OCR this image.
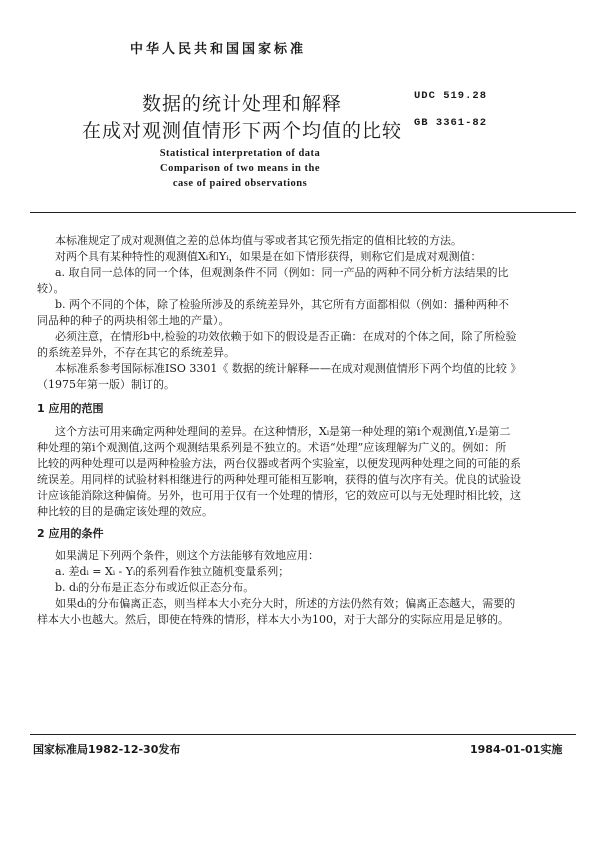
中华人民共和国国家标准
数据的统计处理和解释
在成对观测值情形下两个均值的比较
UDC 519.28
GB 3361-82
Statistical interpretation of data
Comparison of two means in the
case of paired observations
本标准规定了成对观测值之差的总体均值与零或者其它预先指定的值相比较的方法。
对两个具有某种特性的观测值Xᵢ和Yᵢ，如果是在如下情形获得，则称它们是成对观测值：
a. 取自同一总体的同一个体，但观测条件不同（例如：同一产品的两种不同分析方法结果的比
较）。
b. 两个不同的个体，除了检验所涉及的系统差异外，其它所有方面都相似（例如：播种两种不
同品种的种子的两块相邻土地的产量）。
必须注意，在情形b中,检验的功效依赖于如下的假设是否正确：在成对的个体之间，除了所检验
的系统差异外，不存在其它的系统差异。
本标准系参考国际标准ISO 3301《 数据的统计解释——在成对观测值情形下两个均值的比较 》
（1975年第一版）制订的。
1 应用的范围
这个方法可用来确定两种处理间的差异。在这种情形，Xᵢ是第一种处理的第i个观测值,Yᵢ是第二
种处理的第i个观测值,这两个观测结果系列是不独立的。术语“处理”应该理解为广义的。例如：所
比较的两种处理可以是两种检验方法，两台仪器或者两个实验室，以便发现两种处理之间的可能的系
统误差。用同样的试验材料相继进行的两种处理可能相互影响，获得的值与次序有关。优良的试验设
计应该能消除这种偏倚。另外，也可用于仅有一个处理的情形，它的效应可以与无处理时相比较，这
种比较的目的是确定该处理的效应。
2 应用的条件
如果满足下列两个条件，则这个方法能够有效地应用：
a. 差dᵢ = Xᵢ - Yᵢ的系列看作独立随机变量系列；
b. dᵢ的分布是正态分布或近似正态分布。
如果dᵢ的分布偏离正态，则当样本大小充分大时，所述的方法仍然有效；偏离正态越大，需要的
样本大小也越大。然后，即使在特殊的情形，样本大小为100，对于大部分的实际应用是足够的。
国家标准局1982-12-30发布	1984-01-01实施
